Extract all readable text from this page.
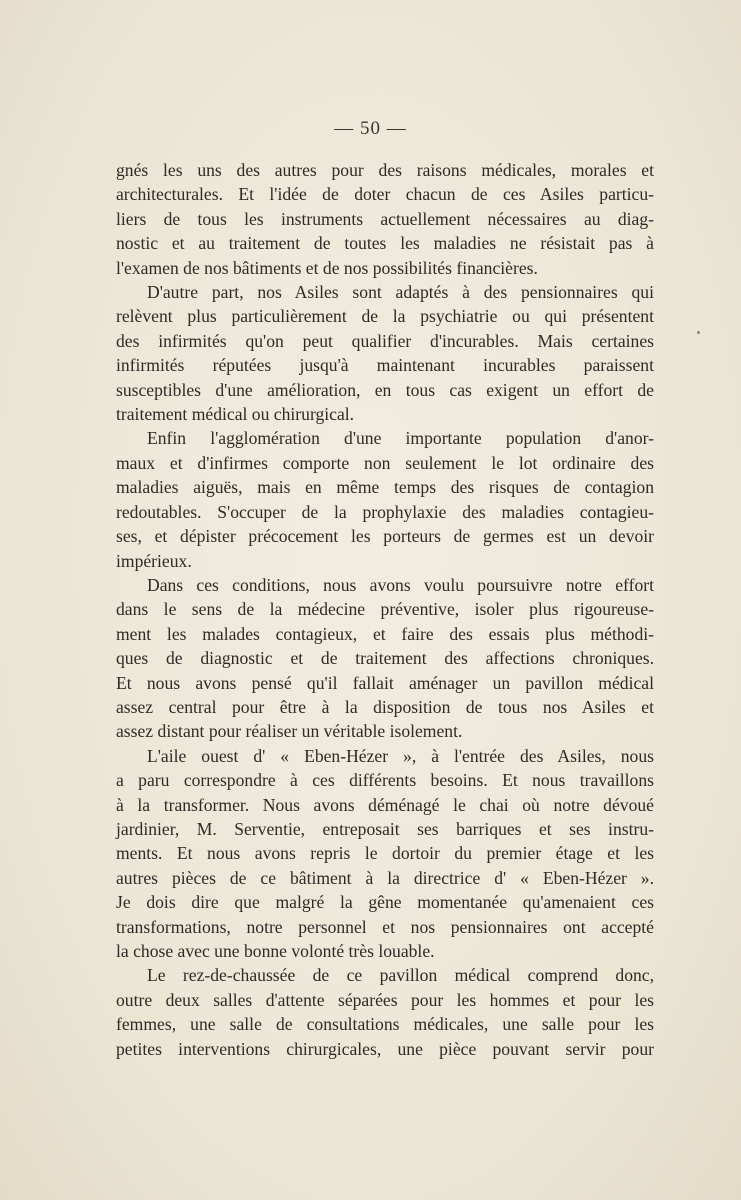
— 50 —

gnés les uns des autres pour des raisons médicales, morales et
architecturales. Et l'idée de doter chacun de ces Asiles particu-
liers de tous les instruments actuellement nécessaires au diag-
nostic et au traitement de toutes les maladies ne résistait pas à
l'examen de nos bâtiments et de nos possibilités financières.

D'autre part, nos Asiles sont adaptés à des pensionnaires qui
relèvent plus particulièrement de la psychiatrie ou qui présentent
des infirmités qu'on peut qualifier d'incurables. Mais certaines
infirmités réputées jusqu'à maintenant incurables paraissent
susceptibles d'une amélioration, en tous cas exigent un effort de
traitement médical ou chirurgical.

Enfin l'agglomération d'une importante population d'anor-
maux et d'infirmes comporte non seulement le lot ordinaire des
maladies aiguës, mais en même temps des risques de contagion
redoutables. S'occuper de la prophylaxie des maladies contagieu-
ses, et dépister précocement les porteurs de germes est un devoir
impérieux.

Dans ces conditions, nous avons voulu poursuivre notre effort
dans le sens de la médecine préventive, isoler plus rigoureuse-
ment les malades contagieux, et faire des essais plus méthodi-
ques de diagnostic et de traitement des affections chroniques.
Et nous avons pensé qu'il fallait aménager un pavillon médical
assez central pour être à la disposition de tous nos Asiles et
assez distant pour réaliser un véritable isolement.

L'aile ouest d' « Eben-Hézer », à l'entrée des Asiles, nous
a paru correspondre à ces différents besoins. Et nous travaillons
à la transformer. Nous avons déménagé le chai où notre dévoué
jardinier, M. Serventie, entreposait ses barriques et ses instru-
ments. Et nous avons repris le dortoir du premier étage et les
autres pièces de ce bâtiment à la directrice d' « Eben-Hézer ».
Je dois dire que malgré la gêne momentanée qu'amenaient ces
transformations, notre personnel et nos pensionnaires ont accepté
la chose avec une bonne volonté très louable.

Le rez-de-chaussée de ce pavillon médical comprend donc,
outre deux salles d'attente séparées pour les hommes et pour les
femmes, une salle de consultations médicales, une salle pour les
petites interventions chirurgicales, une pièce pouvant servir pour
